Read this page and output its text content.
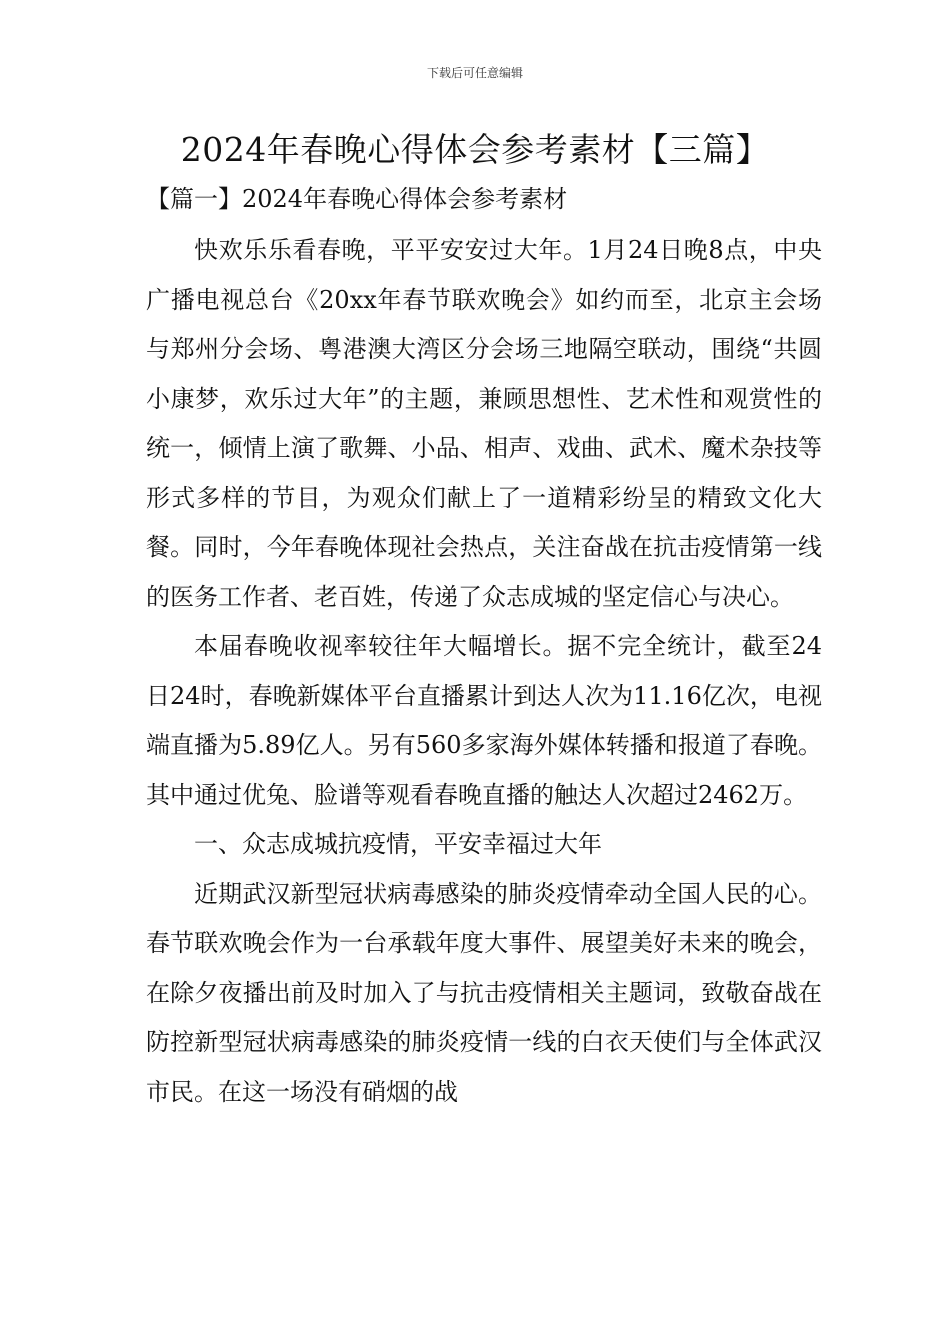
下载后可任意编辑
2024年春晚心得体会参考素材【三篇】
【篇一】2024年春晚心得体会参考素材

快欢乐乐看春晚，平平安安过大年。1月24日晚8点，中央广播电视总台《20xx年春节联欢晚会》如约而至，北京主会场与郑州分会场、粤港澳大湾区分会场三地隔空联动，围绕“共圆小康梦，欢乐过大年”的主题，兼顾思想性、艺术性和观赏性的统一，倾情上演了歌舞、小品、相声、戏曲、武术、魔术杂技等形式多样的节目，为观众们献上了一道精彩纷呈的精致文化大餐。同时，今年春晚体现社会热点，关注奋战在抗击疫情第一线的医务工作者、老百姓，传递了众志成城的坚定信心与决心。

本届春晚收视率较往年大幅增长。据不完全统计，截至24日24时，春晚新媒体平台直播累计到达人次为11.16亿次，电视端直播为5.89亿人。另有560多家海外媒体转播和报道了春晚。其中通过优兔、脸谱等观看春晚直播的触达人次超过2462万。

一、众志成城抗疫情，平安幸福过大年

近期武汉新型冠状病毒感染的肺炎疫情牵动全国人民的心。春节联欢晚会作为一台承载年度大事件、展望美好未来的晚会，在除夕夜播出前及时加入了与抗击疫情相关主题词，致敬奋战在防控新型冠状病毒感染的肺炎疫情一线的白衣天使们与全体武汉市民。在这一场没有硝烟的战
